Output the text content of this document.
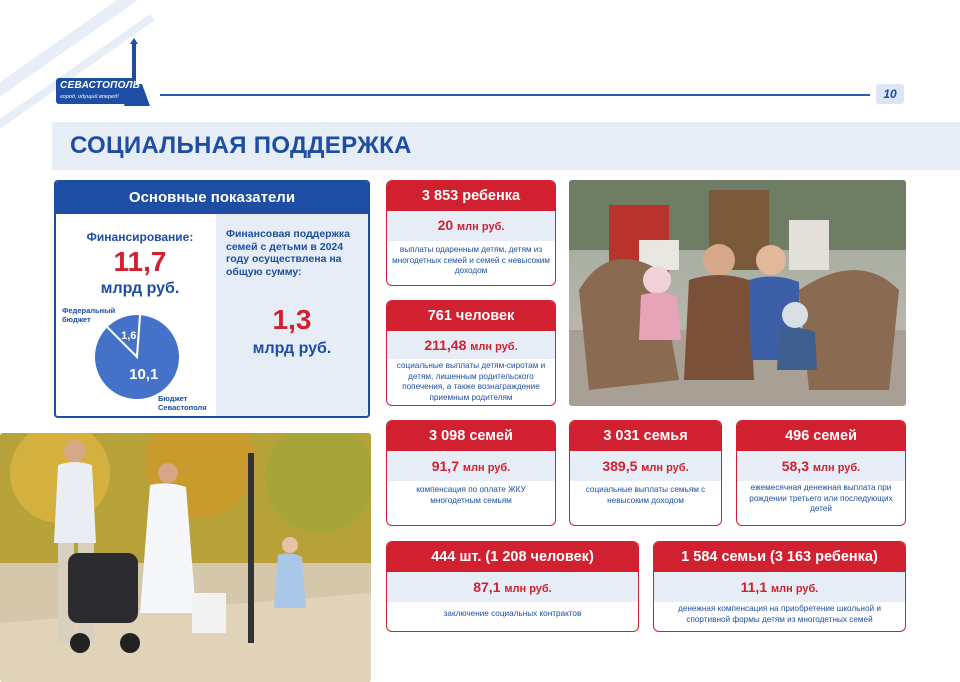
СЕВАСТОПОЛЬ
город, идущий вперед!	10
СОЦИАЛЬНАЯ ПОДДЕРЖКА
Основные показатели
Финансирование:
11,7
млрд руб.
Федеральный бюджет
1,6
10,1
Бюджет Севастополя
Финансовая поддержка семей с детьми в 2024 году осуществлена на общую сумму:
1,3
млрд руб.
3 853 ребенка
20 млн руб.
выплаты одаренным детям, детям из многодетных семей и семей с невысоким доходом
761 человек
211,48 млн руб.
социальные выплаты детям-сиротам и детям, лишенным родительского попечения, а также вознаграждение приемным родителям
3 098 семей
91,7 млн руб.
компенсация по оплате ЖКУ многодетным семьям
3 031 семья
389,5 млн руб.
социальные выплаты семьям с невысоким доходом
496 семей
58,3 млн руб.
ежемесячная денежная выплата при рождении третьего или последующих детей
444 шт. (1 208 человек)
87,1 млн руб.
заключение социальных контрактов
1 584 семьи (3 163 ребенка)
11,1 млн руб.
денежная компенсация на приобретение школьной и спортивной формы детям из многодетных семей
